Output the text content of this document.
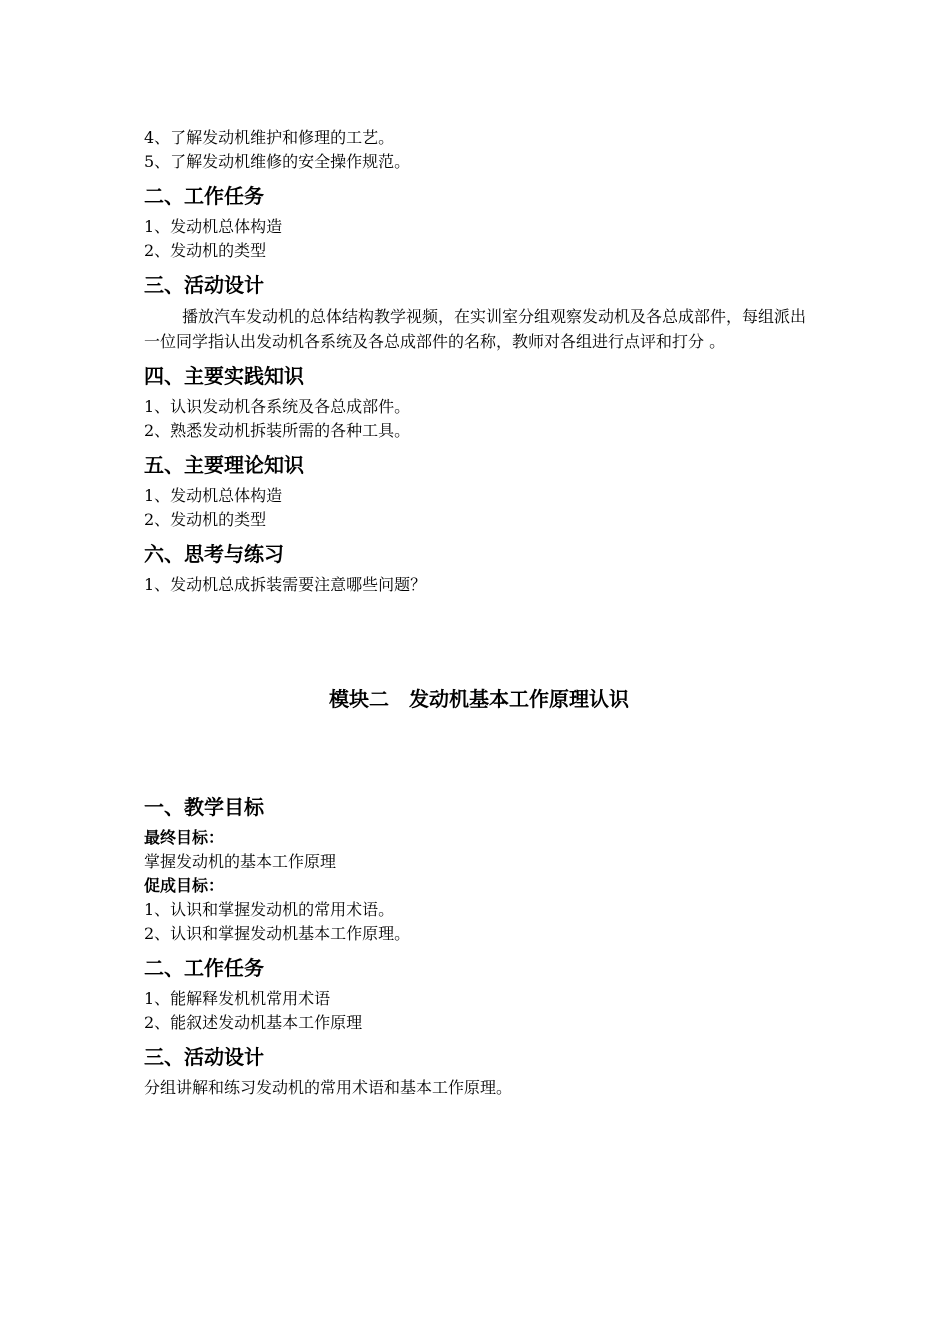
4、了解发动机维护和修理的工艺。
5、了解发动机维修的安全操作规范。
二、工作任务
1、发动机总体构造
2、发动机的类型
三、活动设计
播放汽车发动机的总体结构教学视频，在实训室分组观察发动机及各总成部件，每组派出一位同学指认出发动机各系统及各总成部件的名称，教师对各组进行点评和打分 。
四、主要实践知识
1、认识发动机各系统及各总成部件。
2、熟悉发动机拆装所需的各种工具。
五、主要理论知识
1、发动机总体构造
2、发动机的类型
六、思考与练习
1、发动机总成拆装需要注意哪些问题？
模块二　发动机基本工作原理认识
一、教学目标
最终目标：
掌握发动机的基本工作原理
促成目标：
1、认识和掌握发动机的常用术语。
2、认识和掌握发动机基本工作原理。
二、工作任务
1、能解释发机机常用术语
2、能叙述发动机基本工作原理
三、活动设计
分组讲解和练习发动机的常用术语和基本工作原理。
